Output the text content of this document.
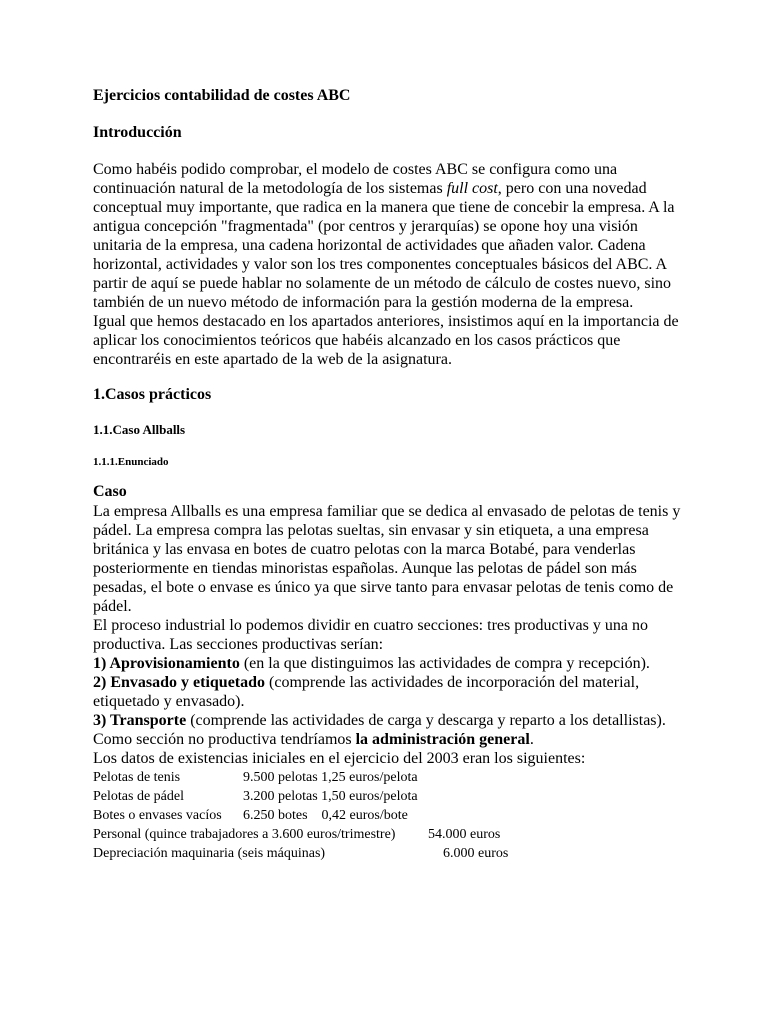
Ejercicios contabilidad de costes ABC
Introducción

Como habéis podido comprobar, el modelo de costes ABC se configura como una continuación natural de la metodología de los sistemas full cost, pero con una novedad conceptual muy importante, que radica en la manera que tiene de concebir la empresa. A la antigua concepción "fragmentada" (por centros y jerarquías) se opone hoy una visión unitaria de la empresa, una cadena horizontal de actividades que añaden valor. Cadena horizontal, actividades y valor son los tres componentes conceptuales básicos del ABC. A partir de aquí se puede hablar no solamente de un método de cálculo de costes nuevo, sino también de un nuevo método de información para la gestión moderna de la empresa.

Igual que hemos destacado en los apartados anteriores, insistimos aquí en la importancia de aplicar los conocimientos teóricos que habéis alcanzado en los casos prácticos que encontraréis en este apartado de la web de la asignatura.

1.Casos prácticos
1.1.Caso Allballs
1.1.1.Enunciado
Caso

La empresa Allballs es una empresa familiar que se dedica al envasado de pelotas de tenis y pádel. La empresa compra las pelotas sueltas, sin envasar y sin etiqueta, a una empresa británica y las envasa en botes de cuatro pelotas con la marca Botabé, para venderlas posteriormente en tiendas minoristas españolas. Aunque las pelotas de pádel son más pesadas, el bote o envase es único ya que sirve tanto para envasar pelotas de tenis como de pádel.

El proceso industrial lo podemos dividir en cuatro secciones: tres productivas y una no productiva. Las secciones productivas serían:

1) Aprovisionamiento (en la que distinguimos las actividades de compra y recepción).

2) Envasado y etiquetado (comprende las actividades de incorporación del material, etiquetado y envasado).

3) Transporte (comprende las actividades de carga y descarga y reparto a los detallistas).

Como sección no productiva tendríamos la administración general.

Los datos de existencias iniciales en el ejercicio del 2003 eran los siguientes:

Pelotas de tenis	9.500 pelotas 1,25 euros/pelota
Pelotas de pádel	3.200 pelotas 1,50 euros/pelota
Botes o envases vacíos	6.250 botes    0,42 euros/bote
Personal (quince trabajadores a 3.600 euros/trimestre)	54.000 euros
Depreciación maquinaria (seis máquinas)	6.000 euros
